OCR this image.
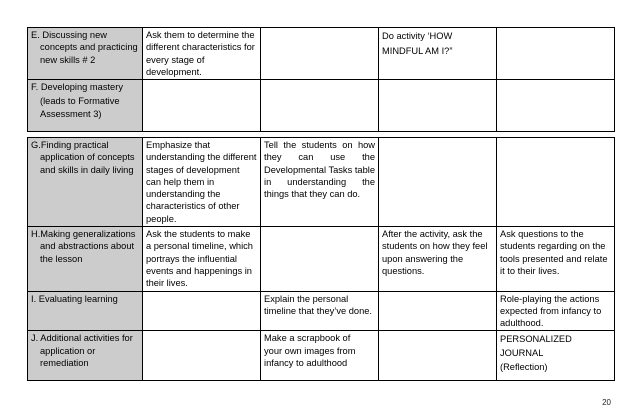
E. Discussing new concepts and practicing new skills # 2	Ask them to determine the different characteristics for every stage of development.		Do activity ‘HOW MINDFUL AM I?”	

F. Developing mastery (leads to Formative Assessment 3)				

G.Finding practical application of concepts and skills in daily living	Emphasize that understanding the different stages of development can help them in understanding the characteristics of other people.	Tell the students on how they can use the Developmental Tasks table in understanding the things that they can do.		

H.Making generalizations and abstractions about the lesson	Ask the students to make a personal timeline, which portrays the influential events and happenings in their lives.		After the activity, ask the students on how they feel upon answering the questions.	Ask questions to the students regarding on the tools presented and relate it to their lives.

I. Evaluating learning		Explain the personal timeline that they’ve done.		Role-playing the actions expected from infancy to adulthood.

J. Additional activities for application or remediation		Make a scrapbook of your own images from infancy to adulthood		PERSONALIZED JOURNAL (Reflection)
20
